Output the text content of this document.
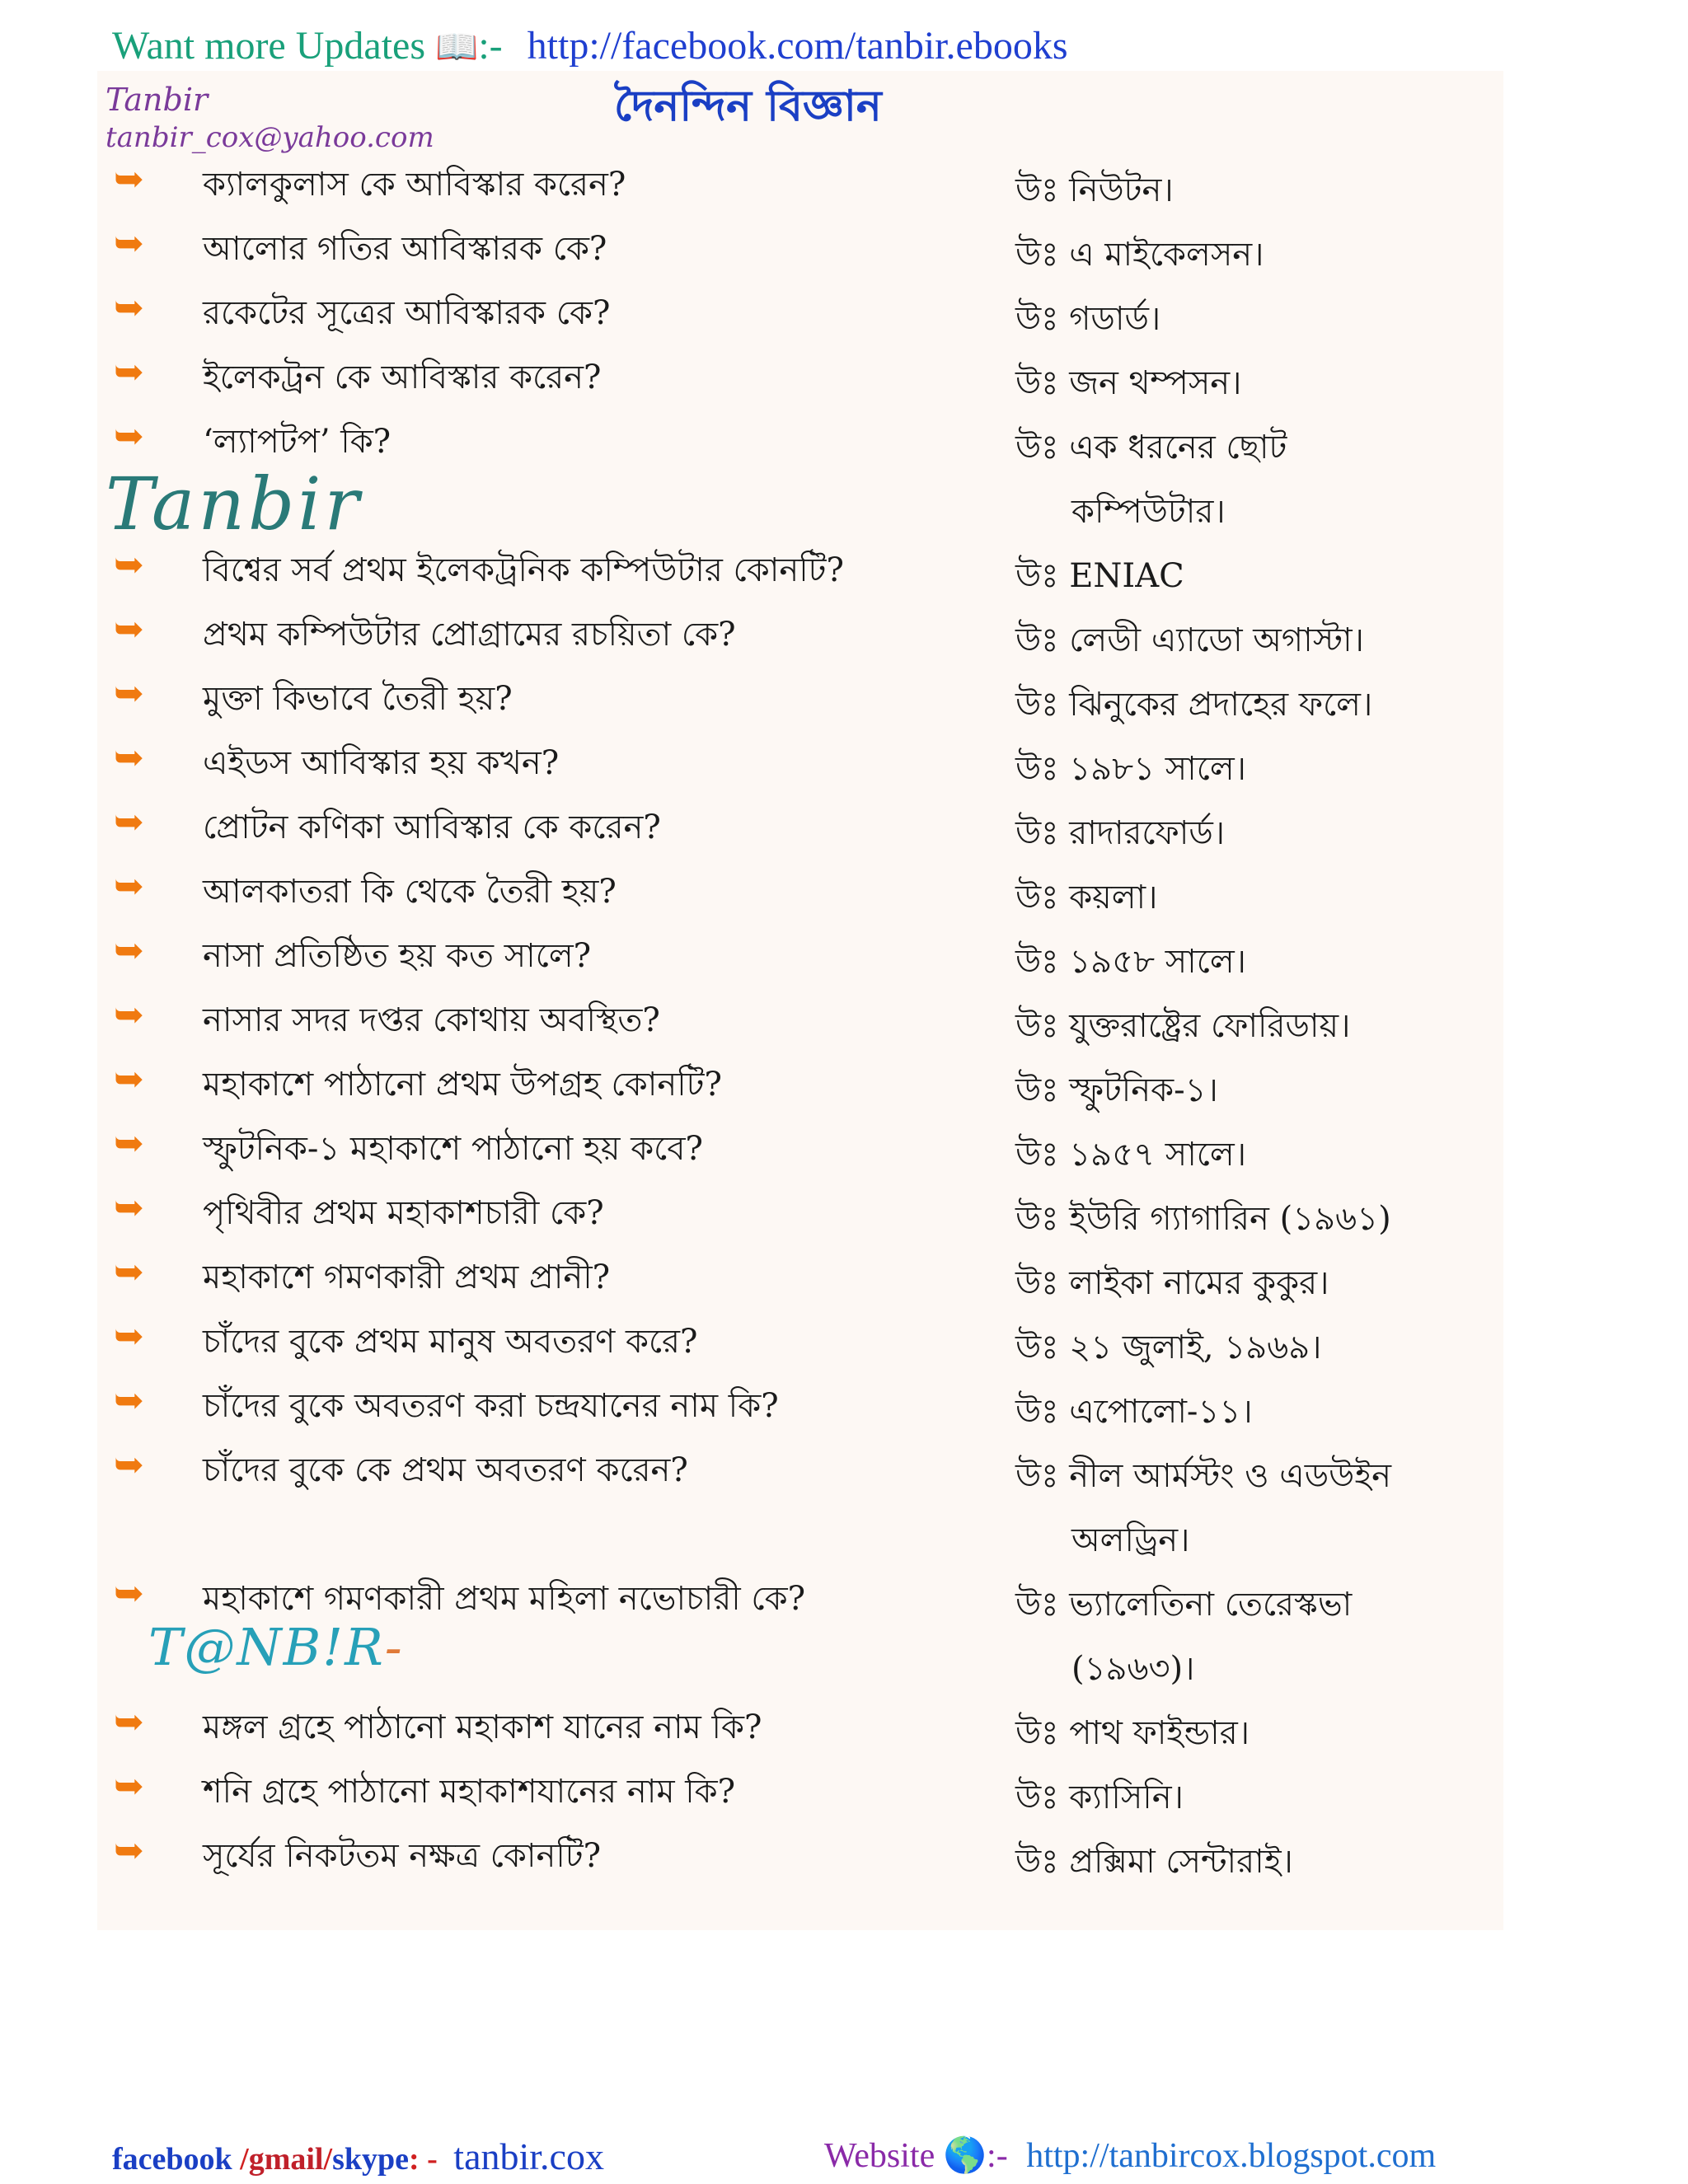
Want more Updates 📖:- http://facebook.com/tanbir.ebooks
Tanbir
tanbir_cox@yahoo.com
দৈনন্দিন বিজ্ঞান
Tanbir
T@NB!R-
➥ ক্যালকুলাস কে আবিস্কার করেন?	উঃ নিউটন।
➥ আলোর গতির আবিস্কারক কে?	উঃ এ মাইকেলসন।
➥ রকেটের সূত্রের আবিস্কারক কে?	উঃ গডার্ড।
➥ ইলেকট্রন কে আবিস্কার করেন?	উঃ জন থম্পসন।
➥ ‘ল্যাপটপ’ কি?	উঃ এক ধরনের ছোট
কম্পিউটার।
➥ বিশ্বের সর্ব প্রথম ইলেকট্রনিক কম্পিউটার কোনটি?	উঃ ENIAC
➥ প্রথম কম্পিউটার প্রোগ্রামের রচয়িতা কে?	উঃ লেডী এ্যাডো অগাস্টা।
➥ মুক্তা কিভাবে তৈরী হয়?	উঃ ঝিনুকের প্রদাহের ফলে।
➥ এইডস আবিস্কার হয় কখন?	উঃ ১৯৮১ সালে।
➥ প্রোটন কণিকা আবিস্কার কে করেন?	উঃ রাদারফোর্ড।
➥ আলকাতরা কি থেকে তৈরী হয়?	উঃ কয়লা।
➥ নাসা প্রতিষ্ঠিত হয় কত সালে?	উঃ ১৯৫৮ সালে।
➥ নাসার সদর দপ্তর কোথায় অবস্থিত?	উঃ যুক্তরাষ্ট্রের ফোরিডায়।
➥ মহাকাশে পাঠানো প্রথম উপগ্রহ কোনটি?	উঃ স্ফুটনিক-১।
➥ স্ফুটনিক-১ মহাকাশে পাঠানো হয় কবে?	উঃ ১৯৫৭ সালে।
➥ পৃথিবীর প্রথম মহাকাশচারী কে?	উঃ ইউরি গ্যাগারিন (১৯৬১)
➥ মহাকাশে গমণকারী প্রথম প্রানী?	উঃ লাইকা নামের কুকুর।
➥ চাঁদের বুকে প্রথম মানুষ অবতরণ করে?	উঃ ২১ জুলাই, ১৯৬৯।
➥ চাঁদের বুকে অবতরণ করা চন্দ্রযানের নাম কি?	উঃ এপোলো-১১।
➥ চাঁদের বুকে কে প্রথম অবতরণ করেন?	উঃ নীল আর্মস্টং ও এডউইন
অলড্রিন।
➥ মহাকাশে গমণকারী প্রথম মহিলা নভোচারী কে?	উঃ ভ্যালেতিনা তেরেস্কভা
(১৯৬৩)।
➥ মঙ্গল গ্রহে পাঠানো মহাকাশ যানের নাম কি?	উঃ পাথ ফাইন্ডার।
➥ শনি গ্রহে পাঠানো মহাকাশযানের নাম কি?	উঃ ক্যাসিনি।
➥ সূর্যের নিকটতম নক্ষত্র কোনটি?	উঃ প্রক্সিমা সেন্টারাই।
facebook /gmail/skype: - tanbir.cox	Website 🌎:- http://tanbircox.blogspot.com
